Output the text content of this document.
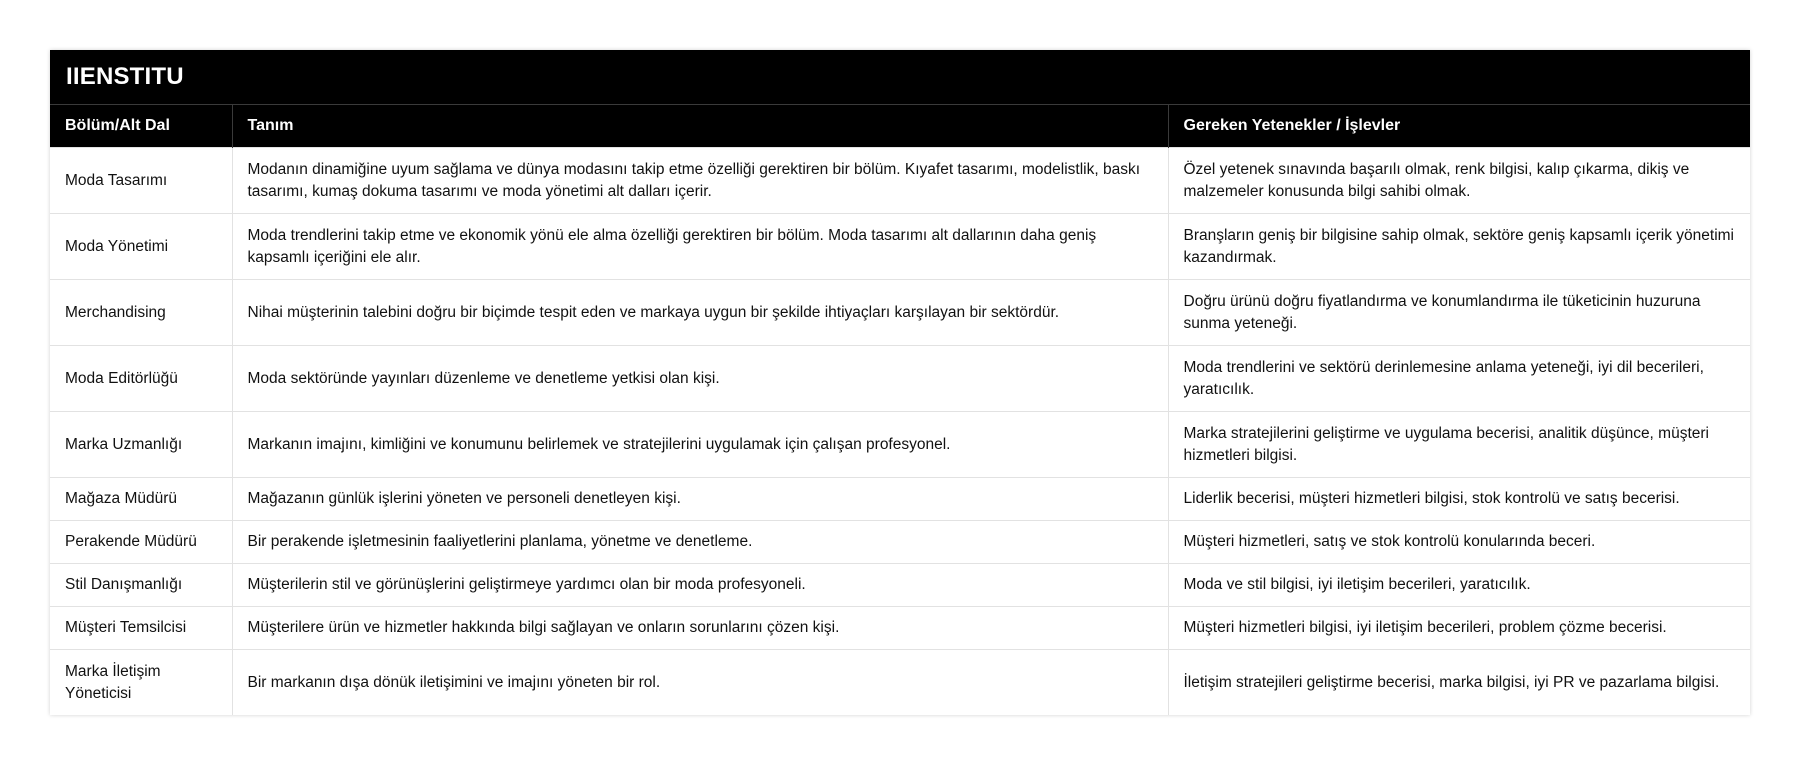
IIENSTITU
Bölüm/Alt Dal	Tanım	Gereken Yetenekler / İşlevler
Moda Tasarımı	Modanın dinamiğine uyum sağlama ve dünya modasını takip etme özelliği gerektiren bir bölüm. Kıyafet tasarımı, modelistlik, baskı tasarımı, kumaş dokuma tasarımı ve moda yönetimi alt dalları içerir.	Özel yetenek sınavında başarılı olmak, renk bilgisi, kalıp çıkarma, dikiş ve malzemeler konusunda bilgi sahibi olmak.
Moda Yönetimi	Moda trendlerini takip etme ve ekonomik yönü ele alma özelliği gerektiren bir bölüm. Moda tasarımı alt dallarının daha geniş kapsamlı içeriğini ele alır.	Branşların geniş bir bilgisine sahip olmak, sektöre geniş kapsamlı içerik yönetimi kazandırmak.
Merchandising	Nihai müşterinin talebini doğru bir biçimde tespit eden ve markaya uygun bir şekilde ihtiyaçları karşılayan bir sektördür.	Doğru ürünü doğru fiyatlandırma ve konumlandırma ile tüketicinin huzuruna sunma yeteneği.
Moda Editörlüğü	Moda sektöründe yayınları düzenleme ve denetleme yetkisi olan kişi.	Moda trendlerini ve sektörü derinlemesine anlama yeteneği, iyi dil becerileri, yaratıcılık.
Marka Uzmanlığı	Markanın imajını, kimliğini ve konumunu belirlemek ve stratejilerini uygulamak için çalışan profesyonel.	Marka stratejilerini geliştirme ve uygulama becerisi, analitik düşünce, müşteri hizmetleri bilgisi.
Mağaza Müdürü	Mağazanın günlük işlerini yöneten ve personeli denetleyen kişi.	Liderlik becerisi, müşteri hizmetleri bilgisi, stok kontrolü ve satış becerisi.
Perakende Müdürü	Bir perakende işletmesinin faaliyetlerini planlama, yönetme ve denetleme.	Müşteri hizmetleri, satış ve stok kontrolü konularında beceri.
Stil Danışmanlığı	Müşterilerin stil ve görünüşlerini geliştirmeye yardımcı olan bir moda profesyoneli.	Moda ve stil bilgisi, iyi iletişim becerileri, yaratıcılık.
Müşteri Temsilcisi	Müşterilere ürün ve hizmetler hakkında bilgi sağlayan ve onların sorunlarını çözen kişi.	Müşteri hizmetleri bilgisi, iyi iletişim becerileri, problem çözme becerisi.
Marka İletişim Yöneticisi	Bir markanın dışa dönük iletişimini ve imajını yöneten bir rol.	İletişim stratejileri geliştirme becerisi, marka bilgisi, iyi PR ve pazarlama bilgisi.
